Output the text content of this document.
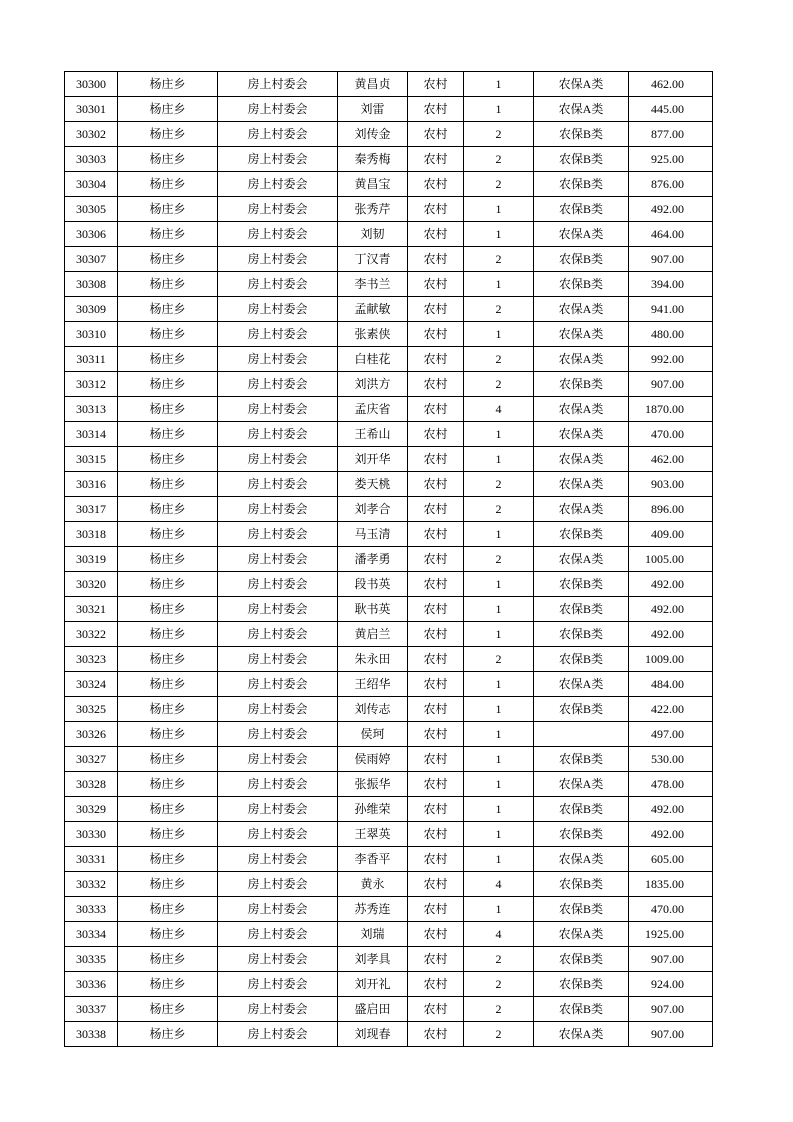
30300	杨庄乡	房上村委会	黄昌贞	农村	1	农保A类	462.00
30301	杨庄乡	房上村委会	刘雷	农村	1	农保A类	445.00
30302	杨庄乡	房上村委会	刘传金	农村	2	农保B类	877.00
30303	杨庄乡	房上村委会	秦秀梅	农村	2	农保B类	925.00
30304	杨庄乡	房上村委会	黄昌宝	农村	2	农保B类	876.00
30305	杨庄乡	房上村委会	张秀芹	农村	1	农保B类	492.00
30306	杨庄乡	房上村委会	刘韧	农村	1	农保A类	464.00
30307	杨庄乡	房上村委会	丁汉青	农村	2	农保B类	907.00
30308	杨庄乡	房上村委会	李书兰	农村	1	农保B类	394.00
30309	杨庄乡	房上村委会	孟献敏	农村	2	农保A类	941.00
30310	杨庄乡	房上村委会	张素侠	农村	1	农保A类	480.00
30311	杨庄乡	房上村委会	白桂花	农村	2	农保A类	992.00
30312	杨庄乡	房上村委会	刘洪方	农村	2	农保B类	907.00
30313	杨庄乡	房上村委会	孟庆省	农村	4	农保A类	1870.00
30314	杨庄乡	房上村委会	王希山	农村	1	农保A类	470.00
30315	杨庄乡	房上村委会	刘开华	农村	1	农保A类	462.00
30316	杨庄乡	房上村委会	娄天桃	农村	2	农保A类	903.00
30317	杨庄乡	房上村委会	刘孝合	农村	2	农保A类	896.00
30318	杨庄乡	房上村委会	马玉清	农村	1	农保B类	409.00
30319	杨庄乡	房上村委会	潘孝勇	农村	2	农保A类	1005.00
30320	杨庄乡	房上村委会	段书英	农村	1	农保B类	492.00
30321	杨庄乡	房上村委会	耿书英	农村	1	农保B类	492.00
30322	杨庄乡	房上村委会	黄启兰	农村	1	农保B类	492.00
30323	杨庄乡	房上村委会	朱永田	农村	2	农保B类	1009.00
30324	杨庄乡	房上村委会	王绍华	农村	1	农保A类	484.00
30325	杨庄乡	房上村委会	刘传志	农村	1	农保B类	422.00
30326	杨庄乡	房上村委会	侯珂	农村	1		497.00
30327	杨庄乡	房上村委会	侯雨婷	农村	1	农保B类	530.00
30328	杨庄乡	房上村委会	张振华	农村	1	农保A类	478.00
30329	杨庄乡	房上村委会	孙维荣	农村	1	农保B类	492.00
30330	杨庄乡	房上村委会	王翠英	农村	1	农保B类	492.00
30331	杨庄乡	房上村委会	李香平	农村	1	农保A类	605.00
30332	杨庄乡	房上村委会	黄永	农村	4	农保B类	1835.00
30333	杨庄乡	房上村委会	苏秀连	农村	1	农保B类	470.00
30334	杨庄乡	房上村委会	刘瑞	农村	4	农保A类	1925.00
30335	杨庄乡	房上村委会	刘孝具	农村	2	农保B类	907.00
30336	杨庄乡	房上村委会	刘开礼	农村	2	农保B类	924.00
30337	杨庄乡	房上村委会	盛启田	农村	2	农保B类	907.00
30338	杨庄乡	房上村委会	刘现春	农村	2	农保A类	907.00
